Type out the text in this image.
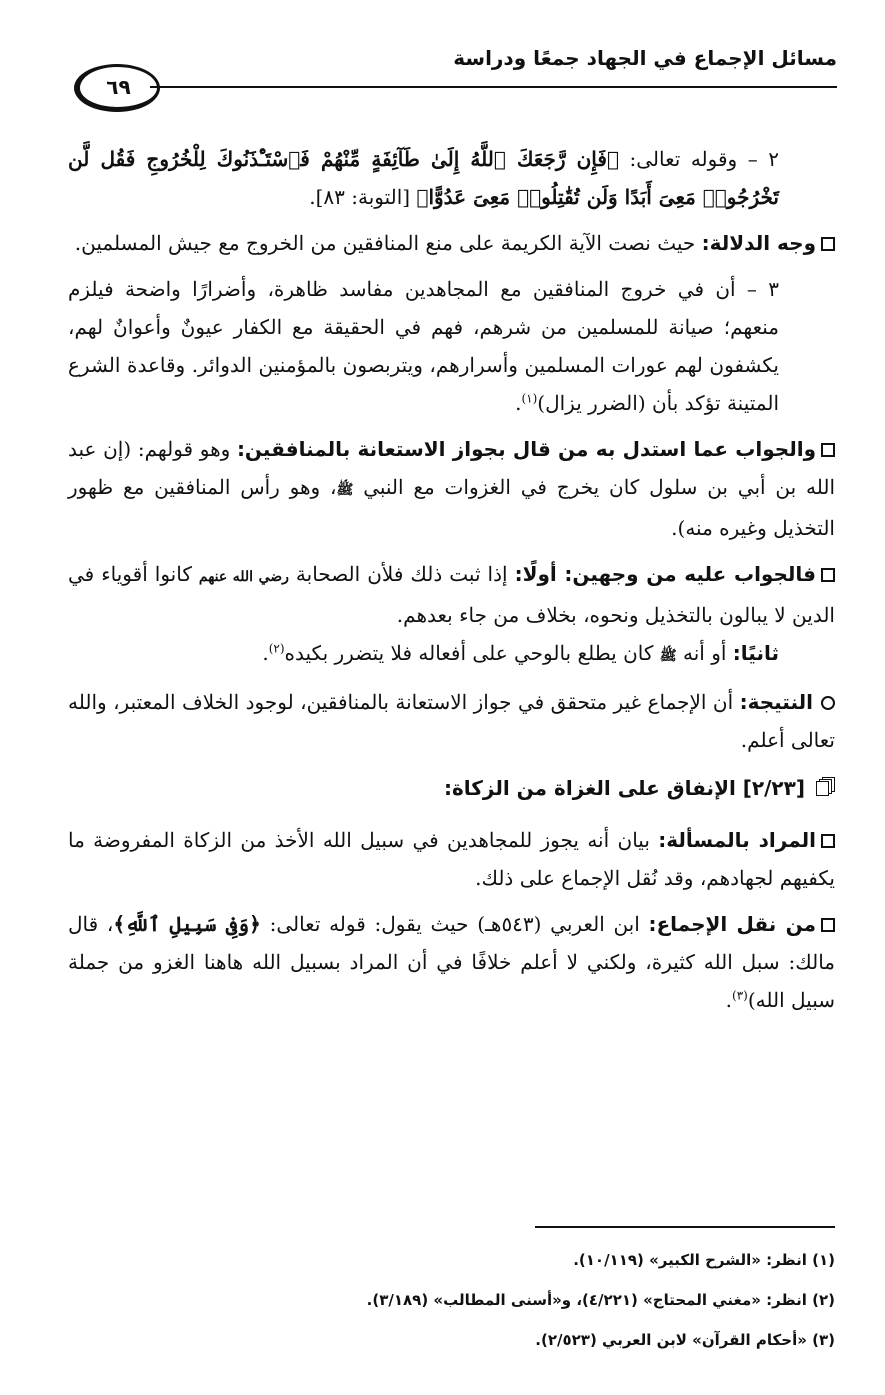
مسائل الإجماع في الجهاد جمعًا ودراسة
٦٩

٢ – وقوله تعالى: ﴿فَإِن رَّجَعَكَ ٱللَّهُ إِلَىٰ طَآئِفَةٍ مِّنْهُمْ فَٱسْتَـْٔذَنُوكَ لِلْخُرُوجِ فَقُل لَّن تَخْرُجُوا۟ مَعِىَ أَبَدًا وَلَن تُقَٰتِلُوا۟ مَعِىَ عَدُوًّا﴾ [التوبة: ٨٣].

وجه الدلالة: حيث نصت الآية الكريمة على منع المنافقين من الخروج مع جيش المسلمين.

٣ – أن في خروج المنافقين مع المجاهدين مفاسد ظاهرة، وأضرارًا واضحة فيلزم منعهم؛ صيانة للمسلمين من شرهم، فهم في الحقيقة مع الكفار عيونٌ وأعوانٌ لهم، يكشفون لهم عورات المسلمين وأسرارهم، ويتربصون بالمؤمنين الدوائر. وقاعدة الشرع المتينة تؤكد بأن (الضرر يزال)$^{(١)}$.

والجواب عما استدل به من قال بجواز الاستعانة بالمنافقين: وهو قولهم: (إن عبد الله بن أبي بن سلول كان يخرج في الغزوات مع النبي ﷺ، وهو رأس المنافقين مع ظهور التخذيل وغيره منه).

فالجواب عليه من وجهين: أولًا: إذا ثبت ذلك فلأن الصحابة رضي الله عنهم كانوا أقوياء في الدين لا يبالون بالتخذيل ونحوه، بخلاف من جاء بعدهم.

ثانيًا: أو أنه ﷺ كان يطلع بالوحي على أفعاله فلا يتضرر بكيده$^{(٢)}$.

النتيجة: أن الإجماع غير متحقق في جواز الاستعانة بالمنافقين، لوجود الخلاف المعتبر، والله تعالى أعلم.

[٢/٢٣] الإنفاق على الغزاة من الزكاة:

المراد بالمسألة: بيان أنه يجوز للمجاهدين في سبيل الله الأخذ من الزكاة المفروضة ما يكفيهم لجهادهم، وقد نُقل الإجماع على ذلك.

من نقل الإجماع: ابن العربي (٥٤٣هـ) حيث يقول: قوله تعالى: ﴿وَفِى سَبِيلِ ٱللَّهِ﴾، قال مالك: سبل الله كثيرة، ولكني لا أعلم خلافًا في أن المراد بسبيل الله هاهنا الغزو من جملة سبيل الله)$^{(٣)}$.

(١) انظر: «الشرح الكبير» (١٠/١١٩).

(٢) انظر: «مغني المحتاج» (٤/٢٢١)، و«أسنى المطالب» (٣/١٨٩).

(٣) «أحكام القرآن» لابن العربي (٢/٥٢٣).
